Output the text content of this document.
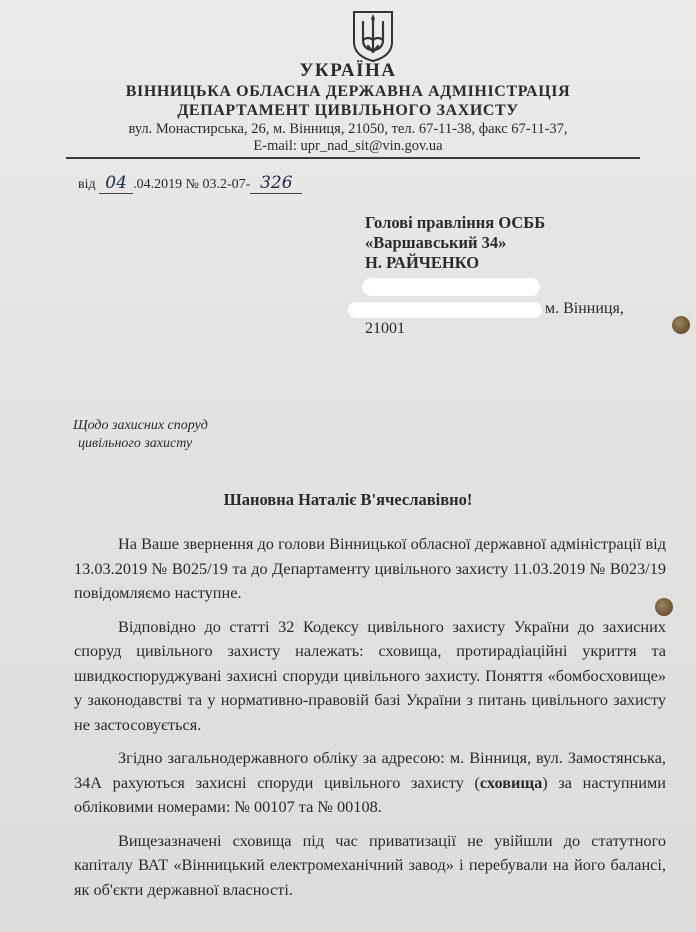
УКРАЇНА
ВІННИЦЬКА ОБЛАСНА ДЕРЖАВНА АДМІНІСТРАЦІЯ
ДЕПАРТАМЕНТ ЦИВІЛЬНОГО ЗАХИСТУ
вул. Монастирська, 26, м. Вінниця, 21050, тел. 67-11-38, факс 67-11-37,
E-mail: upr_nad_sit@vin.gov.ua
від 04 .04.2019 № 03.2-07- 326
Голові правління ОСББ
«Варшавський 34»
Н. РАЙЧЕНКО
м. Вінниця,
21001
Щодо захисних споруд
цивільного захисту
Шановна Наталіє В'ячеславівно!

На Ваше звернення до голови Вінницької обласної державної адміністрації від 13.03.2019 № В025/19 та до Департаменту цивільного захисту 11.03.2019 № В023/19 повідомляємо наступне.

Відповідно до статті 32 Кодексу цивільного захисту України до захисних споруд цивільного захисту належать: сховища, протирадіаційні укриття та швидкоспоруджувані захисні споруди цивільного захисту. Поняття «бомбосховище» у законодавстві та у нормативно-правовій базі України з питань цивільного захисту не застосовується.

Згідно загальнодержавного обліку за адресою: м. Вінниця, вул. Замостянська, 34А рахуються захисні споруди цивільного захисту (сховища) за наступними обліковими номерами: № 00107 та № 00108.

Вищезазначені сховища під час приватизації не увійшли до статутного капіталу ВАТ «Вінницький електромеханічний завод» і перебували на його балансі, як об'єкти державної власності.
